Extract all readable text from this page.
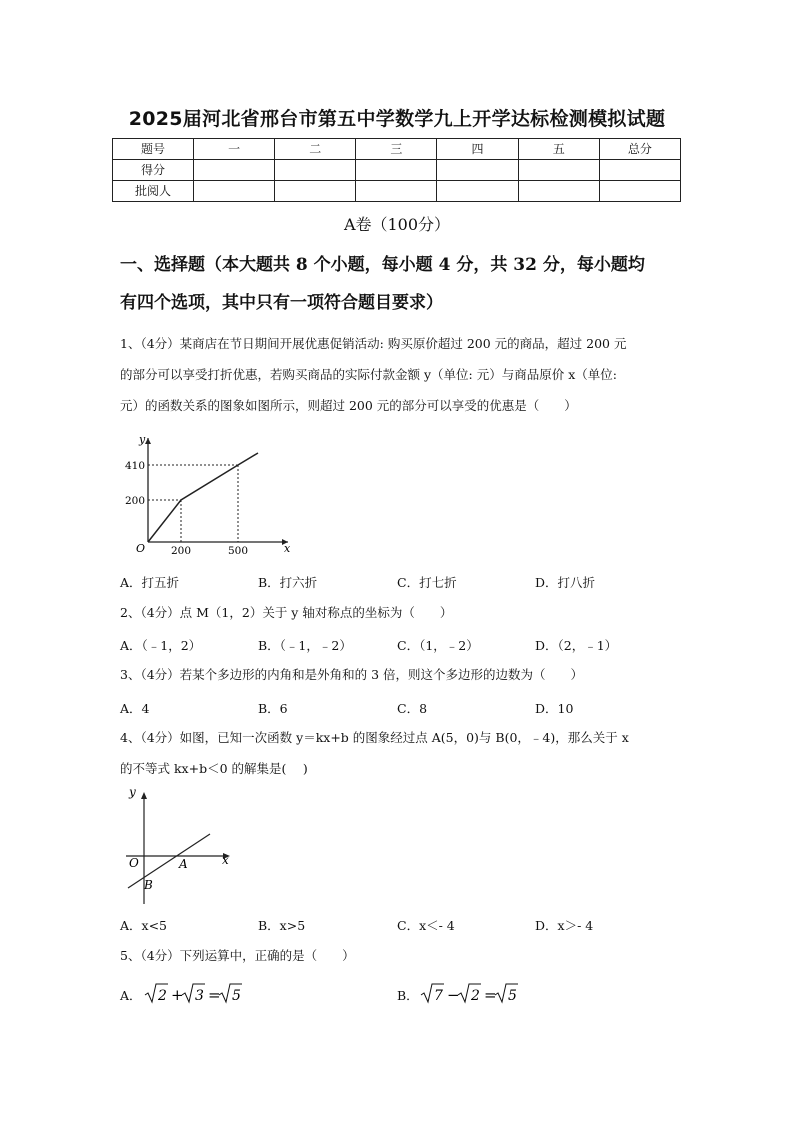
2025届河北省邢台市第五中学数学九上开学达标检测模拟试题
题号	一	二	三	四	五	总分
得分						
批阅人						
A卷（100分）
一、选择题（本大题共 8 个小题，每小题 4 分，共 32 分，每小题均
有四个选项，其中只有一项符合题目要求）
1、（4分）某商店在节日期间开展优惠促销活动: 购买原价超过 200 元的商品，超过 200 元
的部分可以享受打折优惠，若购买商品的实际付款金额 y（单位: 元）与商品原价 x（单位:
元）的函数关系的图象如图所示，则超过 200 元的部分可以享受的优惠是（　　）
y
x
O
410
200
200	500
A．打五折	B．打六折	C．打七折	D．打八折
2、（4分）点 M（1，2）关于 y 轴对称点的坐标为（　　）
A．（﹣1，2）	B．（﹣1，﹣2）	C．（1，﹣2）	D．（2，﹣1）
3、（4分）若某个多边形的内角和是外角和的 3 倍，则这个多边形的边数为（　　）
A．4	B．6	C．8	D．10
4、（4分）如图，已知一次函数 y＝kx+b 的图象经过点 A(5，0)与 B(0，﹣4)，那么关于 x
的不等式 kx+b＜0 的解集是(　 )
y
x
O	A
B
A．x<5	B．x>5	C．x＜- 4	D．x＞- 4
5、（4分）下列运算中，正确的是（　　）
A． 2 + 3 = 5	B． 7 − 2 = 5
